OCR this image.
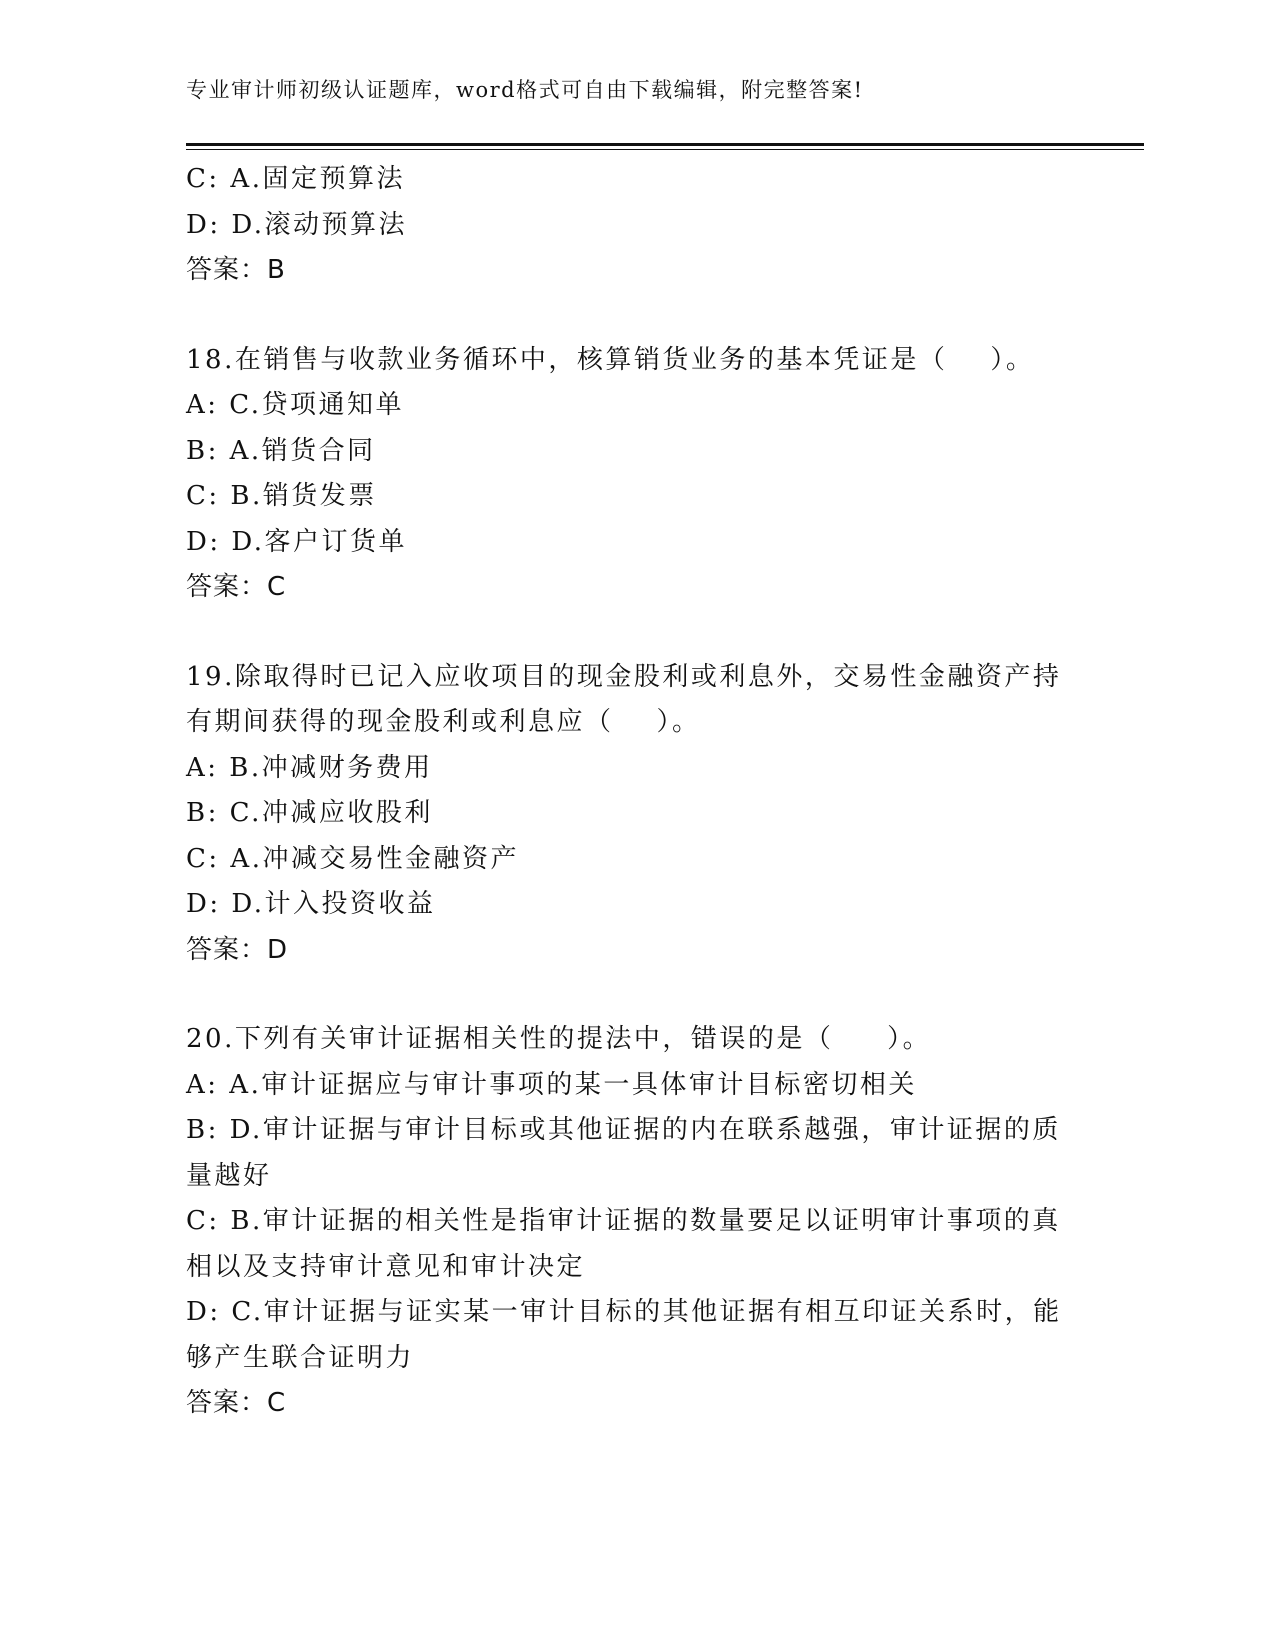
专业审计师初级认证题库，word格式可自由下载编辑，附完整答案!

C: A.固定预算法

D: D.滚动预算法

答案：B

18.在销售与收款业务循环中，核算销货业务的基本凭证是（    ）。

A: C.贷项通知单

B: A.销货合同

C: B.销货发票

D: D.客户订货单

答案：C

19.除取得时已记入应收项目的现金股利或利息外，交易性金融资产持有期间获得的现金股利或利息应（    ）。

A: B.冲减财务费用

B: C.冲减应收股利

C: A.冲减交易性金融资产

D: D.计入投资收益

答案：D

20.下列有关审计证据相关性的提法中，错误的是（     ）。

A: A.审计证据应与审计事项的某一具体审计目标密切相关

B: D.审计证据与审计目标或其他证据的内在联系越强，审计证据的质量越好

C: B.审计证据的相关性是指审计证据的数量要足以证明审计事项的真相以及支持审计意见和审计决定

D: C.审计证据与证实某一审计目标的其他证据有相互印证关系时，能够产生联合证明力

答案：C
